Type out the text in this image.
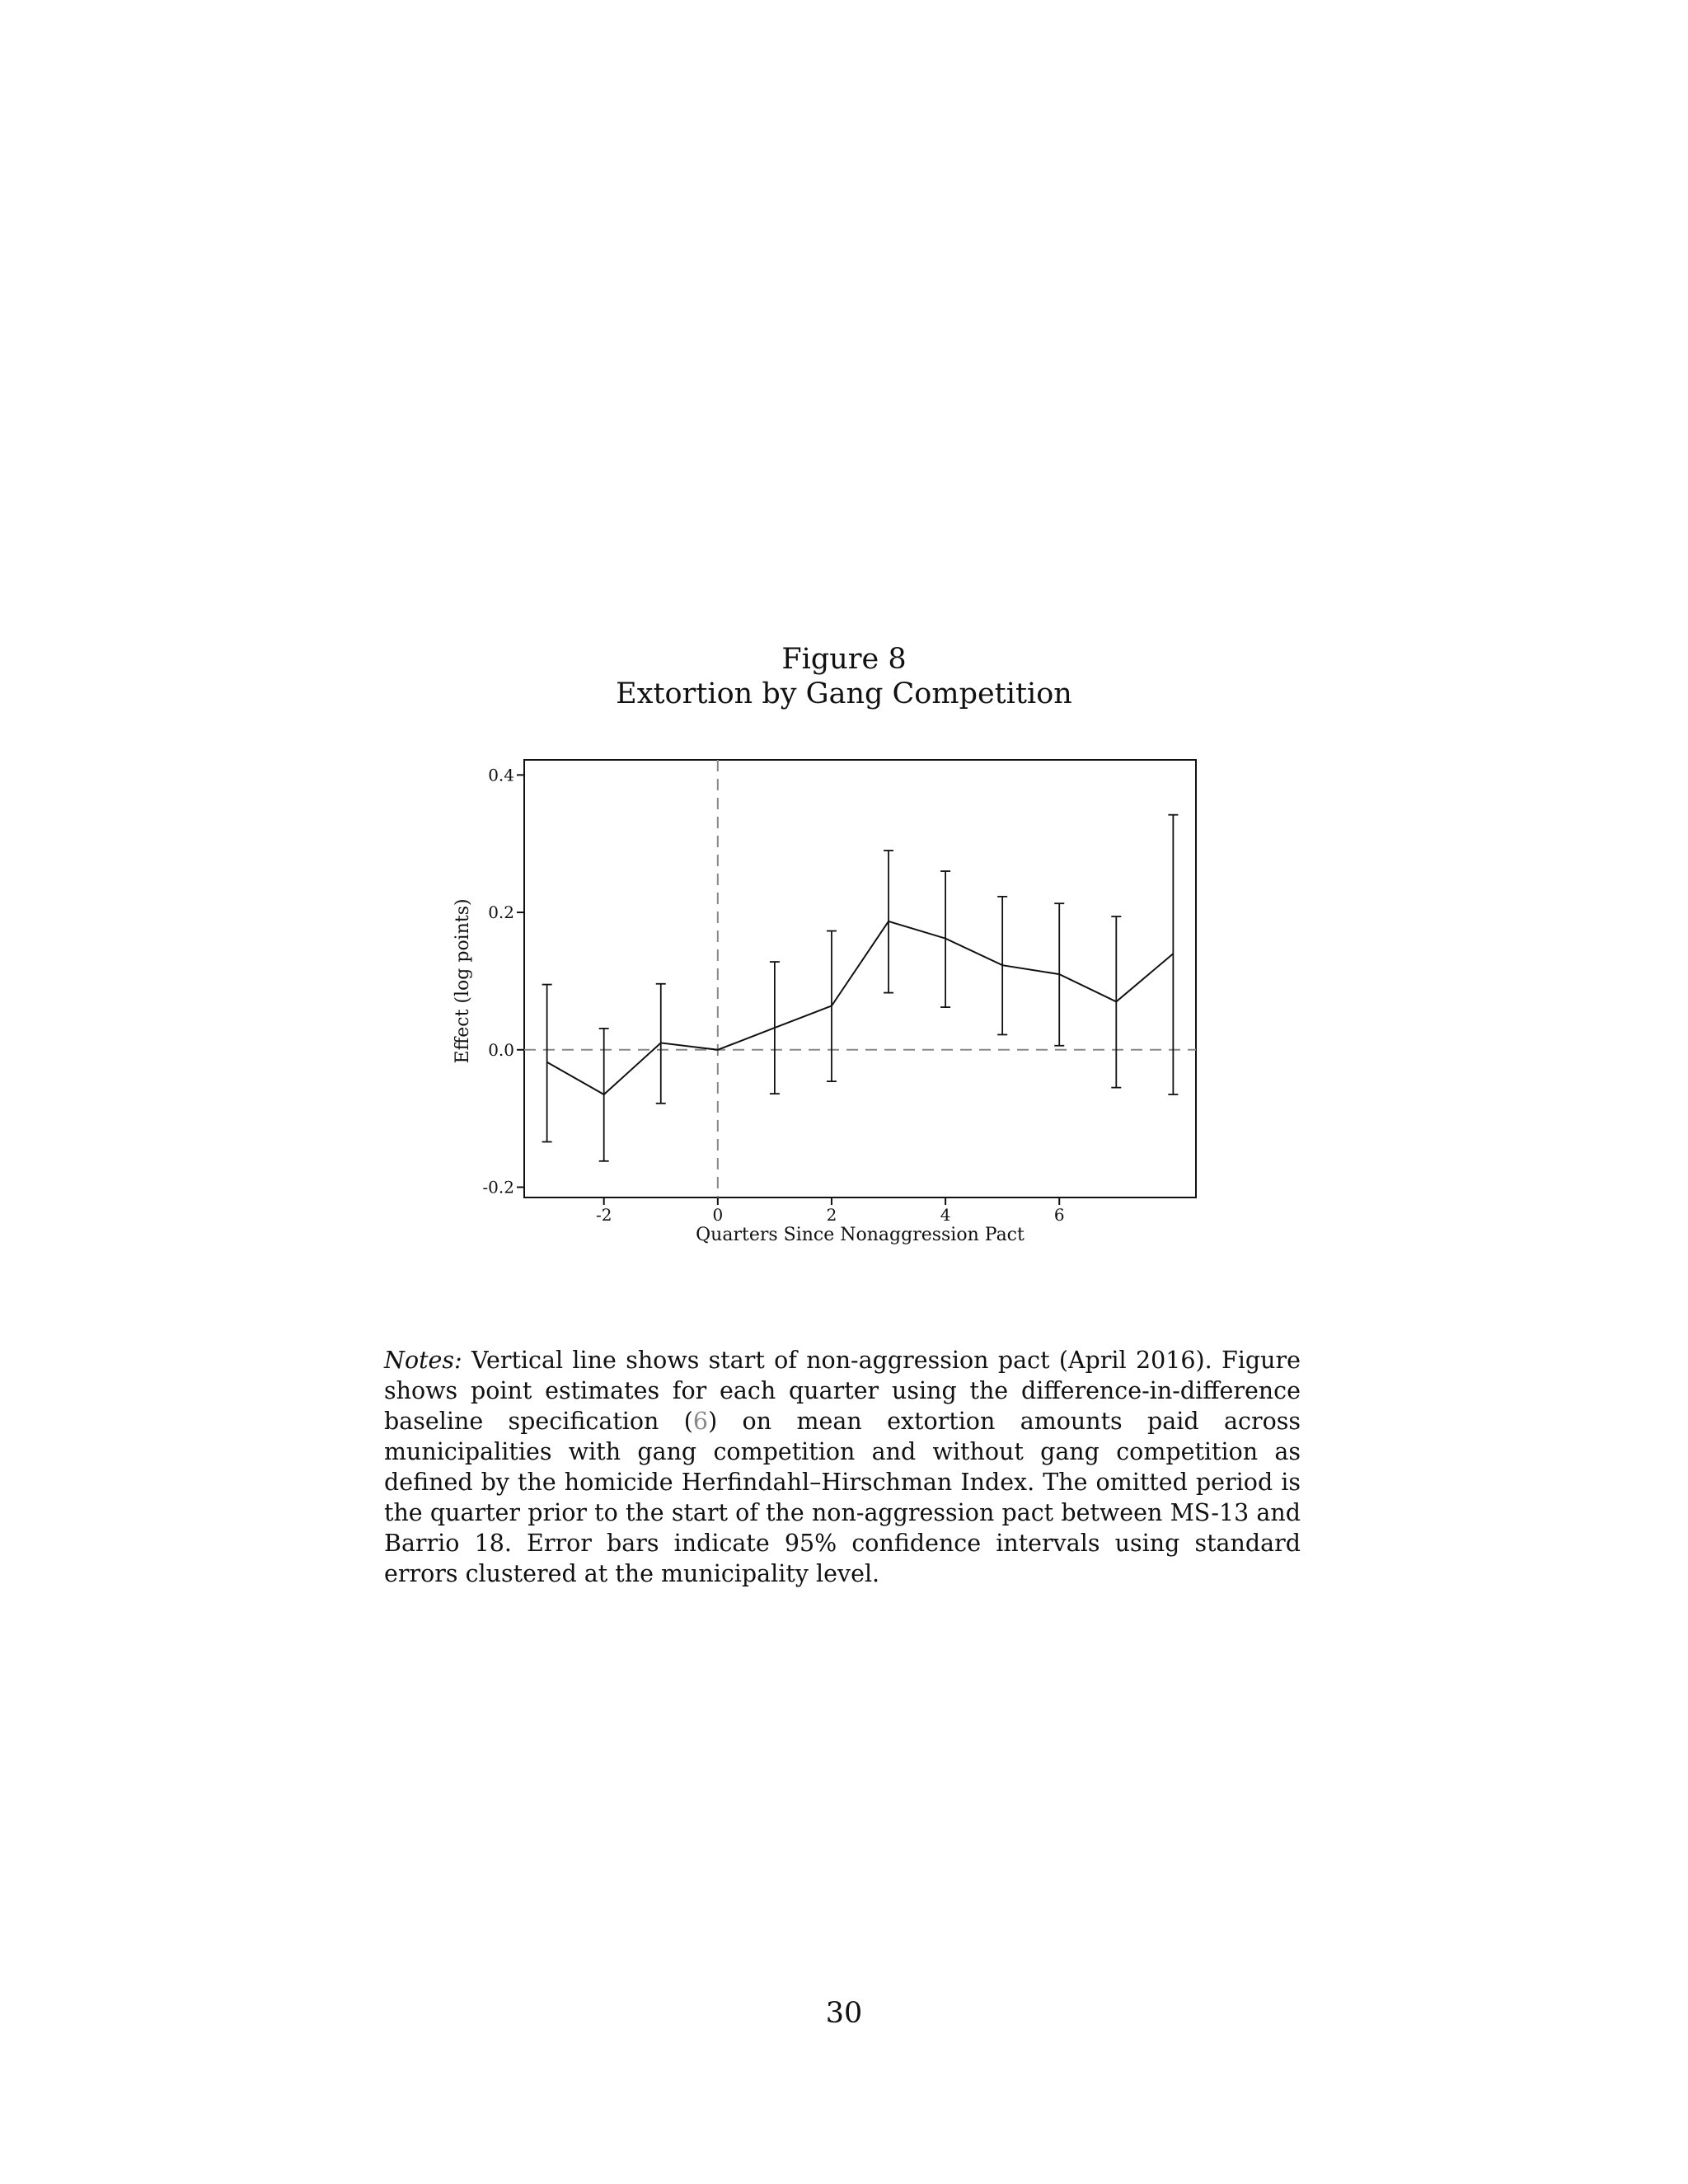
Figure 8
Extortion by Gang Competition
-0.2
0.0
0.2
0.4
-2	0	2	4	6
Quarters Since Nonaggression Pact
Effect (log points)

Notes: Vertical line shows start of non-aggression pact (April 2016). Figure shows point estimates for each quarter using the difference-in-difference baseline specification (6) on mean extortion amounts paid across municipalities with gang competition and without gang competition as defined by the homicide Herfindahl–Hirschman Index. The omitted period is the quarter prior to the start of the non-aggression pact between MS-13 and Barrio 18. Error bars indicate 95% confidence intervals using standard errors clustered at the municipality level.

30
